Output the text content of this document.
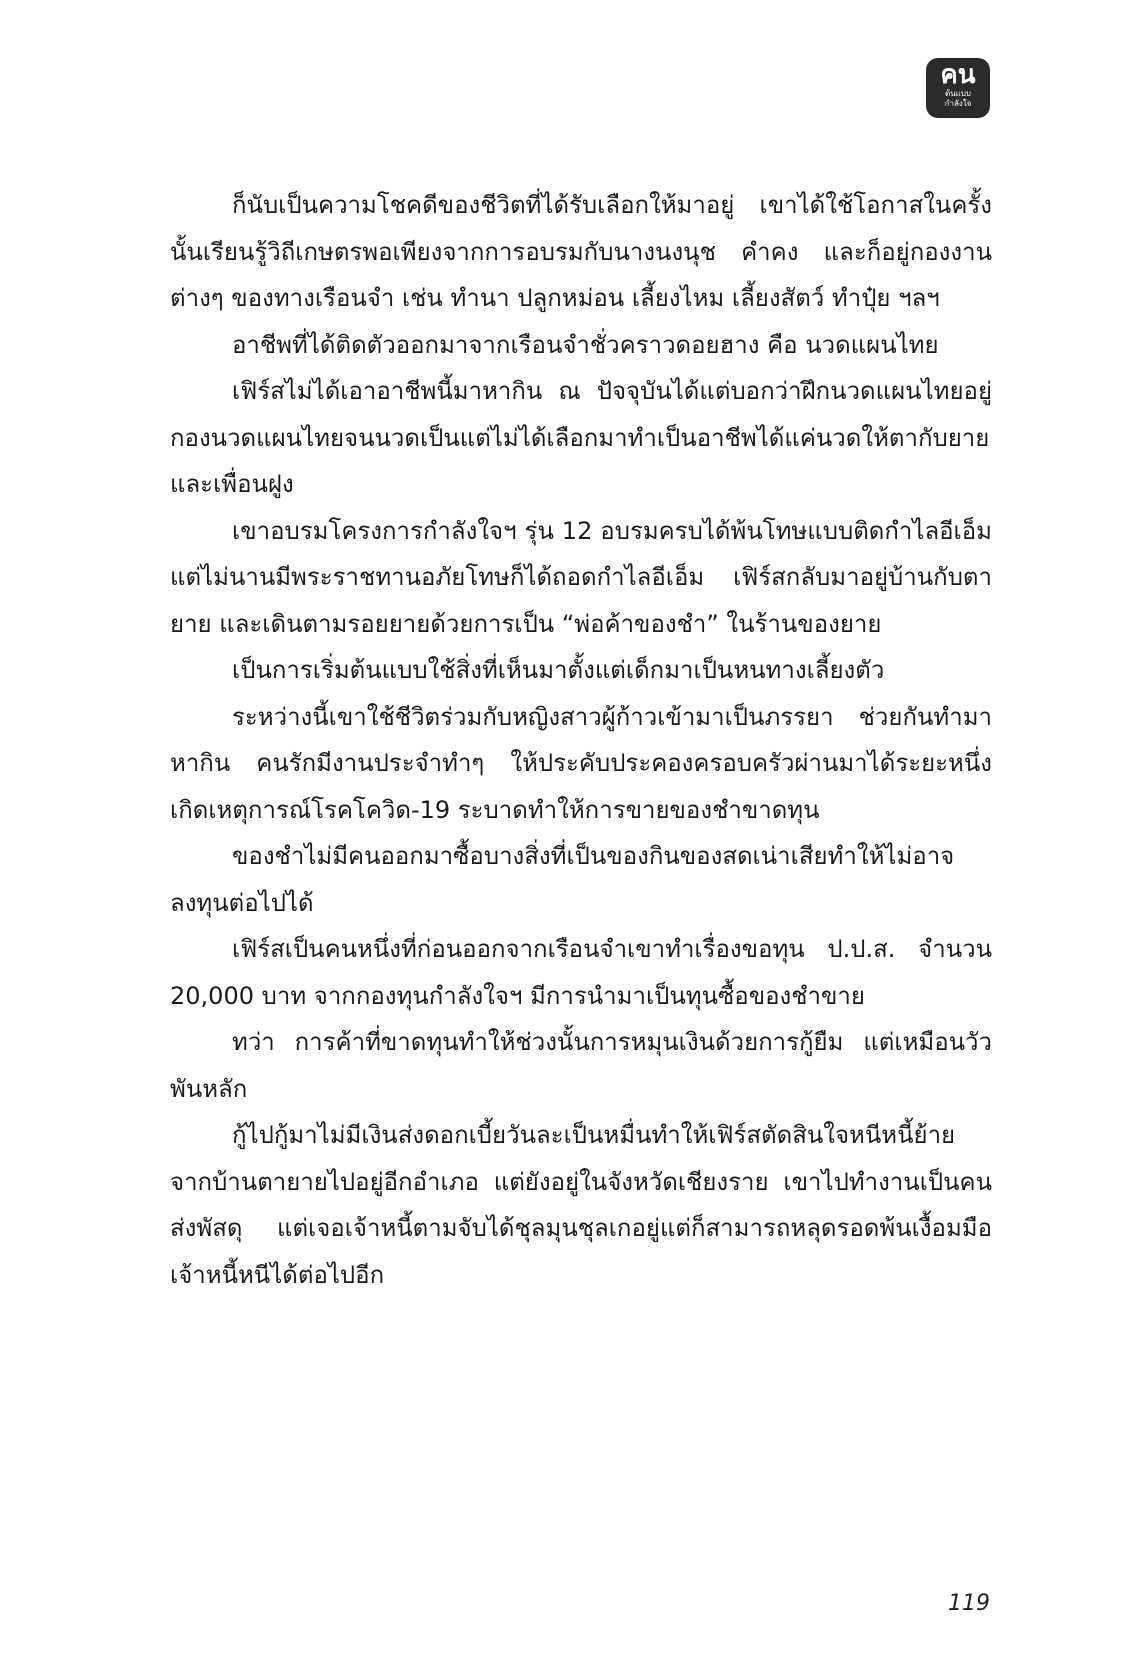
คน
ต้นแบบ
กำลังใจ

ก็นับเป็นความโชคดีของชีวิตที่ได้รับเลือกให้มาอยู่ เขาได้ใช้โอกาสในครั้งนั้นเรียนรู้วิถีเกษตรพอเพียงจากการอบรมกับนางนงนุช คำคง และก็อยู่กองงานต่างๆ ของทางเรือนจำ เช่น ทำนา ปลูกหม่อน เลี้ยงไหม เลี้ยงสัตว์ ทำปุ๋ย ฯลฯ

อาชีพที่ได้ติดตัวออกมาจากเรือนจำชั่วคราวดอยฮาง คือ นวดแผนไทย

เฟิร์สไม่ได้เอาอาชีพนี้มาหากิน ณ ปัจจุบันได้แต่บอกว่าฝึกนวดแผนไทยอยู่กองนวดแผนไทยจนนวดเป็นแต่ไม่ได้เลือกมาทำเป็นอาชีพได้แค่นวดให้ตากับยายและเพื่อนฝูง

เขาอบรมโครงการกำลังใจฯ รุ่น 12 อบรมครบได้พ้นโทษแบบติดกำไลอีเอ็ม แต่ไม่นานมีพระราชทานอภัยโทษก็ได้ถอดกำไลอีเอ็ม เฟิร์สกลับมาอยู่บ้านกับตายาย และเดินตามรอยยายด้วยการเป็น “พ่อค้าของชำ” ในร้านของยาย

เป็นการเริ่มต้นแบบใช้สิ่งที่เห็นมาตั้งแต่เด็กมาเป็นหนทางเลี้ยงตัว

ระหว่างนี้เขาใช้ชีวิตร่วมกับหญิงสาวผู้ก้าวเข้ามาเป็นภรรยา ช่วยกันทำมาหากิน คนรักมีงานประจำทำๆ ให้ประคับประคองครอบครัวผ่านมาได้ระยะหนึ่ง เกิดเหตุการณ์โรคโควิด-19 ระบาดทำให้การขายของชำขาดทุน

ของชำไม่มีคนออกมาซื้อบางสิ่งที่เป็นของกินของสดเน่าเสียทำให้ไม่อาจลงทุนต่อไปได้

เฟิร์สเป็นคนหนึ่งที่ก่อนออกจากเรือนจำเขาทำเรื่องขอทุน ป.ป.ส. จำนวน 20,000 บาท จากกองทุนกำลังใจฯ มีการนำมาเป็นทุนซื้อของชำขาย

ทว่า การค้าที่ขาดทุนทำให้ช่วงนั้นการหมุนเงินด้วยการกู้ยืม แต่เหมือนวัวพันหลัก

กู้ไปกู้มาไม่มีเงินส่งดอกเบี้ยวันละเป็นหมื่นทำให้เฟิร์สตัดสินใจหนีหนี้ย้ายจากบ้านตายายไปอยู่อีกอำเภอ แต่ยังอยู่ในจังหวัดเชียงราย เขาไปทำงานเป็นคนส่งพัสดุ แต่เจอเจ้าหนี้ตามจับได้ชุลมุนชุลเกอยู่แต่ก็สามารถหลุดรอดพ้นเงื้อมมือเจ้าหนี้หนีได้ต่อไปอีก

119
